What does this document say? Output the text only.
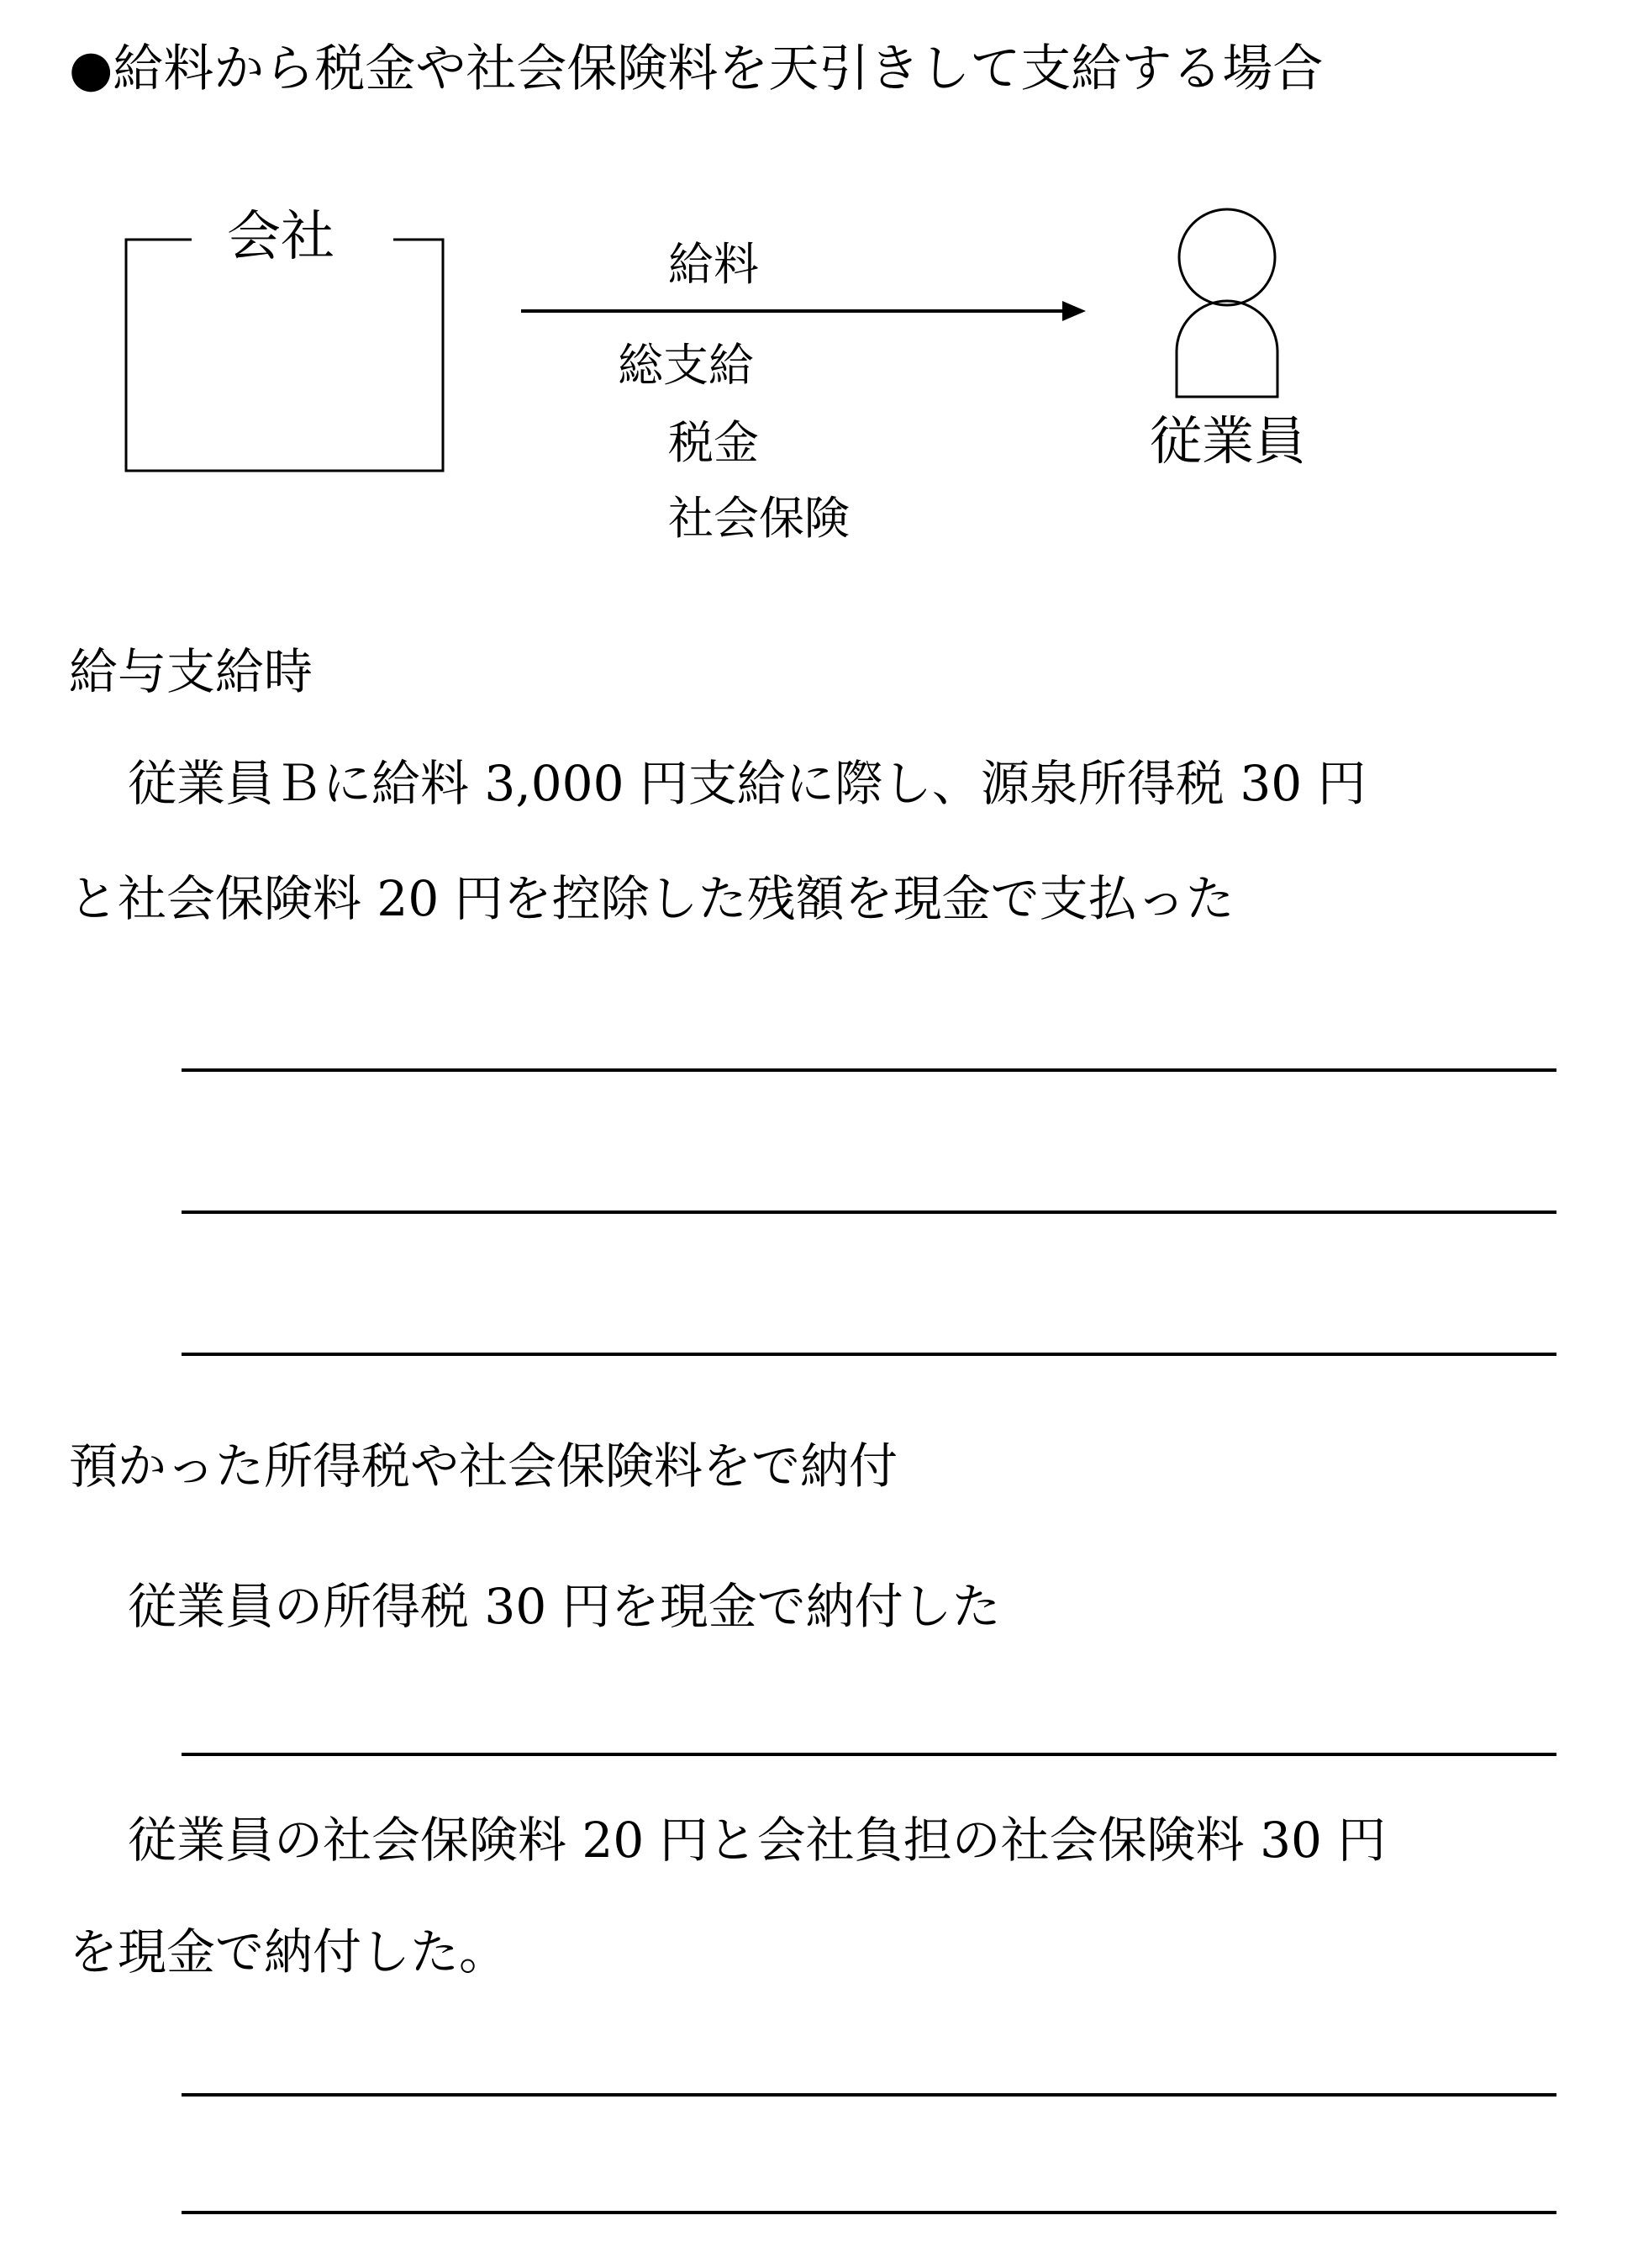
●給料から税金や社会保険料を天引きして支給する場合
会社	給料
総支給
税金
社会保険
従業員
給与支給時
従業員Ｂに給料 3,000 円支給に際し、源泉所得税 30 円
と社会保険料 20 円を控除した残額を現金で支払った
預かった所得税や社会保険料をで納付
従業員の所得税 30 円を現金で納付した
従業員の社会保険料 20 円と会社負担の社会保険料 30 円
を現金で納付した。
